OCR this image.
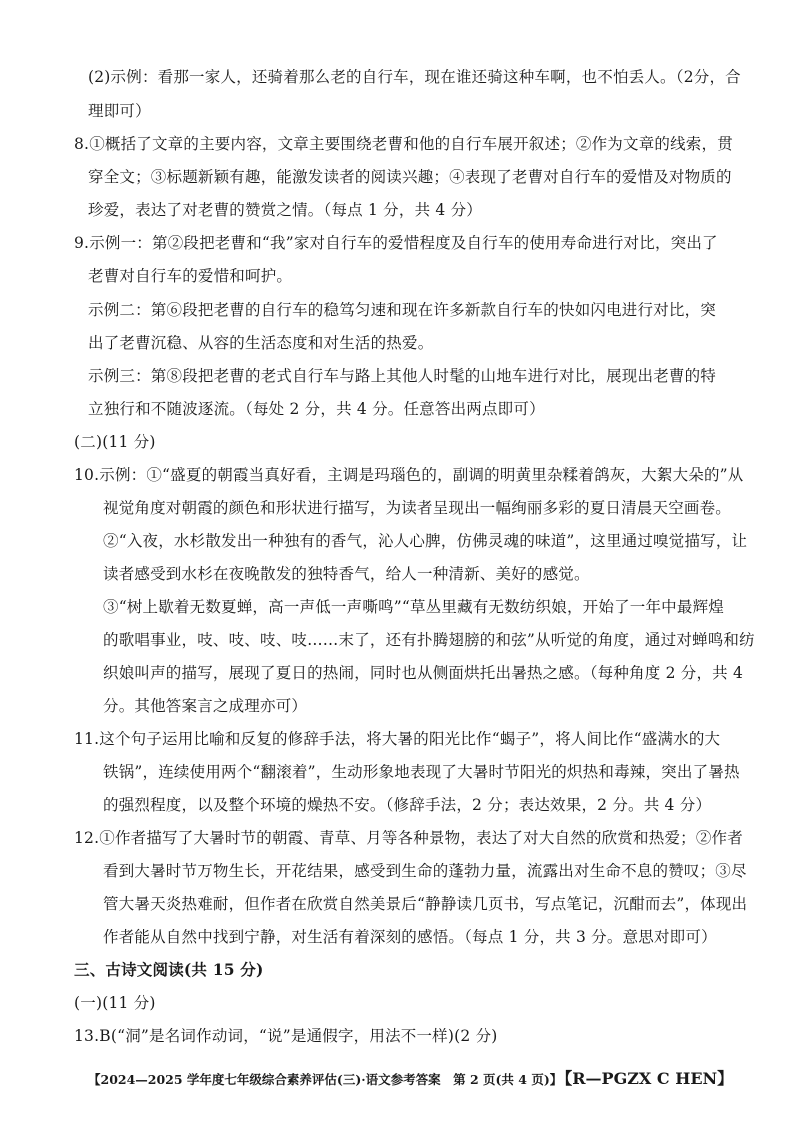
(2)示例：看那一家人，还骑着那么老的自行车，现在谁还骑这种车啊，也不怕丢人。（2分，合
理即可）
8.①概括了文章的主要内容，文章主要围绕老曹和他的自行车展开叙述；②作为文章的线索，贯
穿全文；③标题新颖有趣，能激发读者的阅读兴趣；④表现了老曹对自行车的爱惜及对物质的
珍爱，表达了对老曹的赞赏之情。（每点 1 分，共 4 分）
9.示例一：第②段把老曹和“我”家对自行车的爱惜程度及自行车的使用寿命进行对比，突出了
老曹对自行车的爱惜和呵护。
示例二：第⑥段把老曹的自行车的稳笃匀速和现在许多新款自行车的快如闪电进行对比，突
出了老曹沉稳、从容的生活态度和对生活的热爱。
示例三：第⑧段把老曹的老式自行车与路上其他人时髦的山地车进行对比，展现出老曹的特
立独行和不随波逐流。（每处 2 分，共 4 分。任意答出两点即可）
(二)(11 分)
10.示例：①“盛夏的朝霞当真好看，主调是玛瑙色的，副调的明黄里杂糅着鸽灰，大絮大朵的”从
视觉角度对朝霞的颜色和形状进行描写，为读者呈现出一幅绚丽多彩的夏日清晨天空画卷。
②“入夜，水杉散发出一种独有的香气，沁人心脾，仿佛灵魂的味道”，这里通过嗅觉描写，让
读者感受到水杉在夜晚散发的独特香气，给人一种清新、美好的感觉。
③“树上歇着无数夏蝉，高一声低一声嘶鸣”“草丛里藏有无数纺织娘，开始了一年中最辉煌
的歌唱事业，吱、吱、吱、吱……末了，还有扑腾翅膀的和弦”从听觉的角度，通过对蝉鸣和纺
织娘叫声的描写，展现了夏日的热闹，同时也从侧面烘托出暑热之感。（每种角度 2 分，共 4
分。其他答案言之成理亦可）
11.这个句子运用比喻和反复的修辞手法，将大暑的阳光比作“蝎子”，将人间比作“盛满水的大
铁锅”，连续使用两个“翻滚着”，生动形象地表现了大暑时节阳光的炽热和毒辣，突出了暑热
的强烈程度，以及整个环境的燥热不安。（修辞手法，2 分；表达效果，2 分。共 4 分）
12.①作者描写了大暑时节的朝霞、青草、月等各种景物，表达了对大自然的欣赏和热爱；②作者
看到大暑时节万物生长，开花结果，感受到生命的蓬勃力量，流露出对生命不息的赞叹；③尽
管大暑天炎热难耐，但作者在欣赏自然美景后“静静读几页书，写点笔记，沉酣而去”，体现出
作者能从自然中找到宁静，对生活有着深刻的感悟。（每点 1 分，共 3 分。意思对即可）
三、古诗文阅读(共 15 分)
(一)(11 分)
13.B(“洞”是名词作动词，“说”是通假字，用法不一样)(2 分)
【2024—2025 学年度七年级综合素养评估(三)·语文参考答案　第 2 页(共 4 页)】 【R—PGZX C HEN】
